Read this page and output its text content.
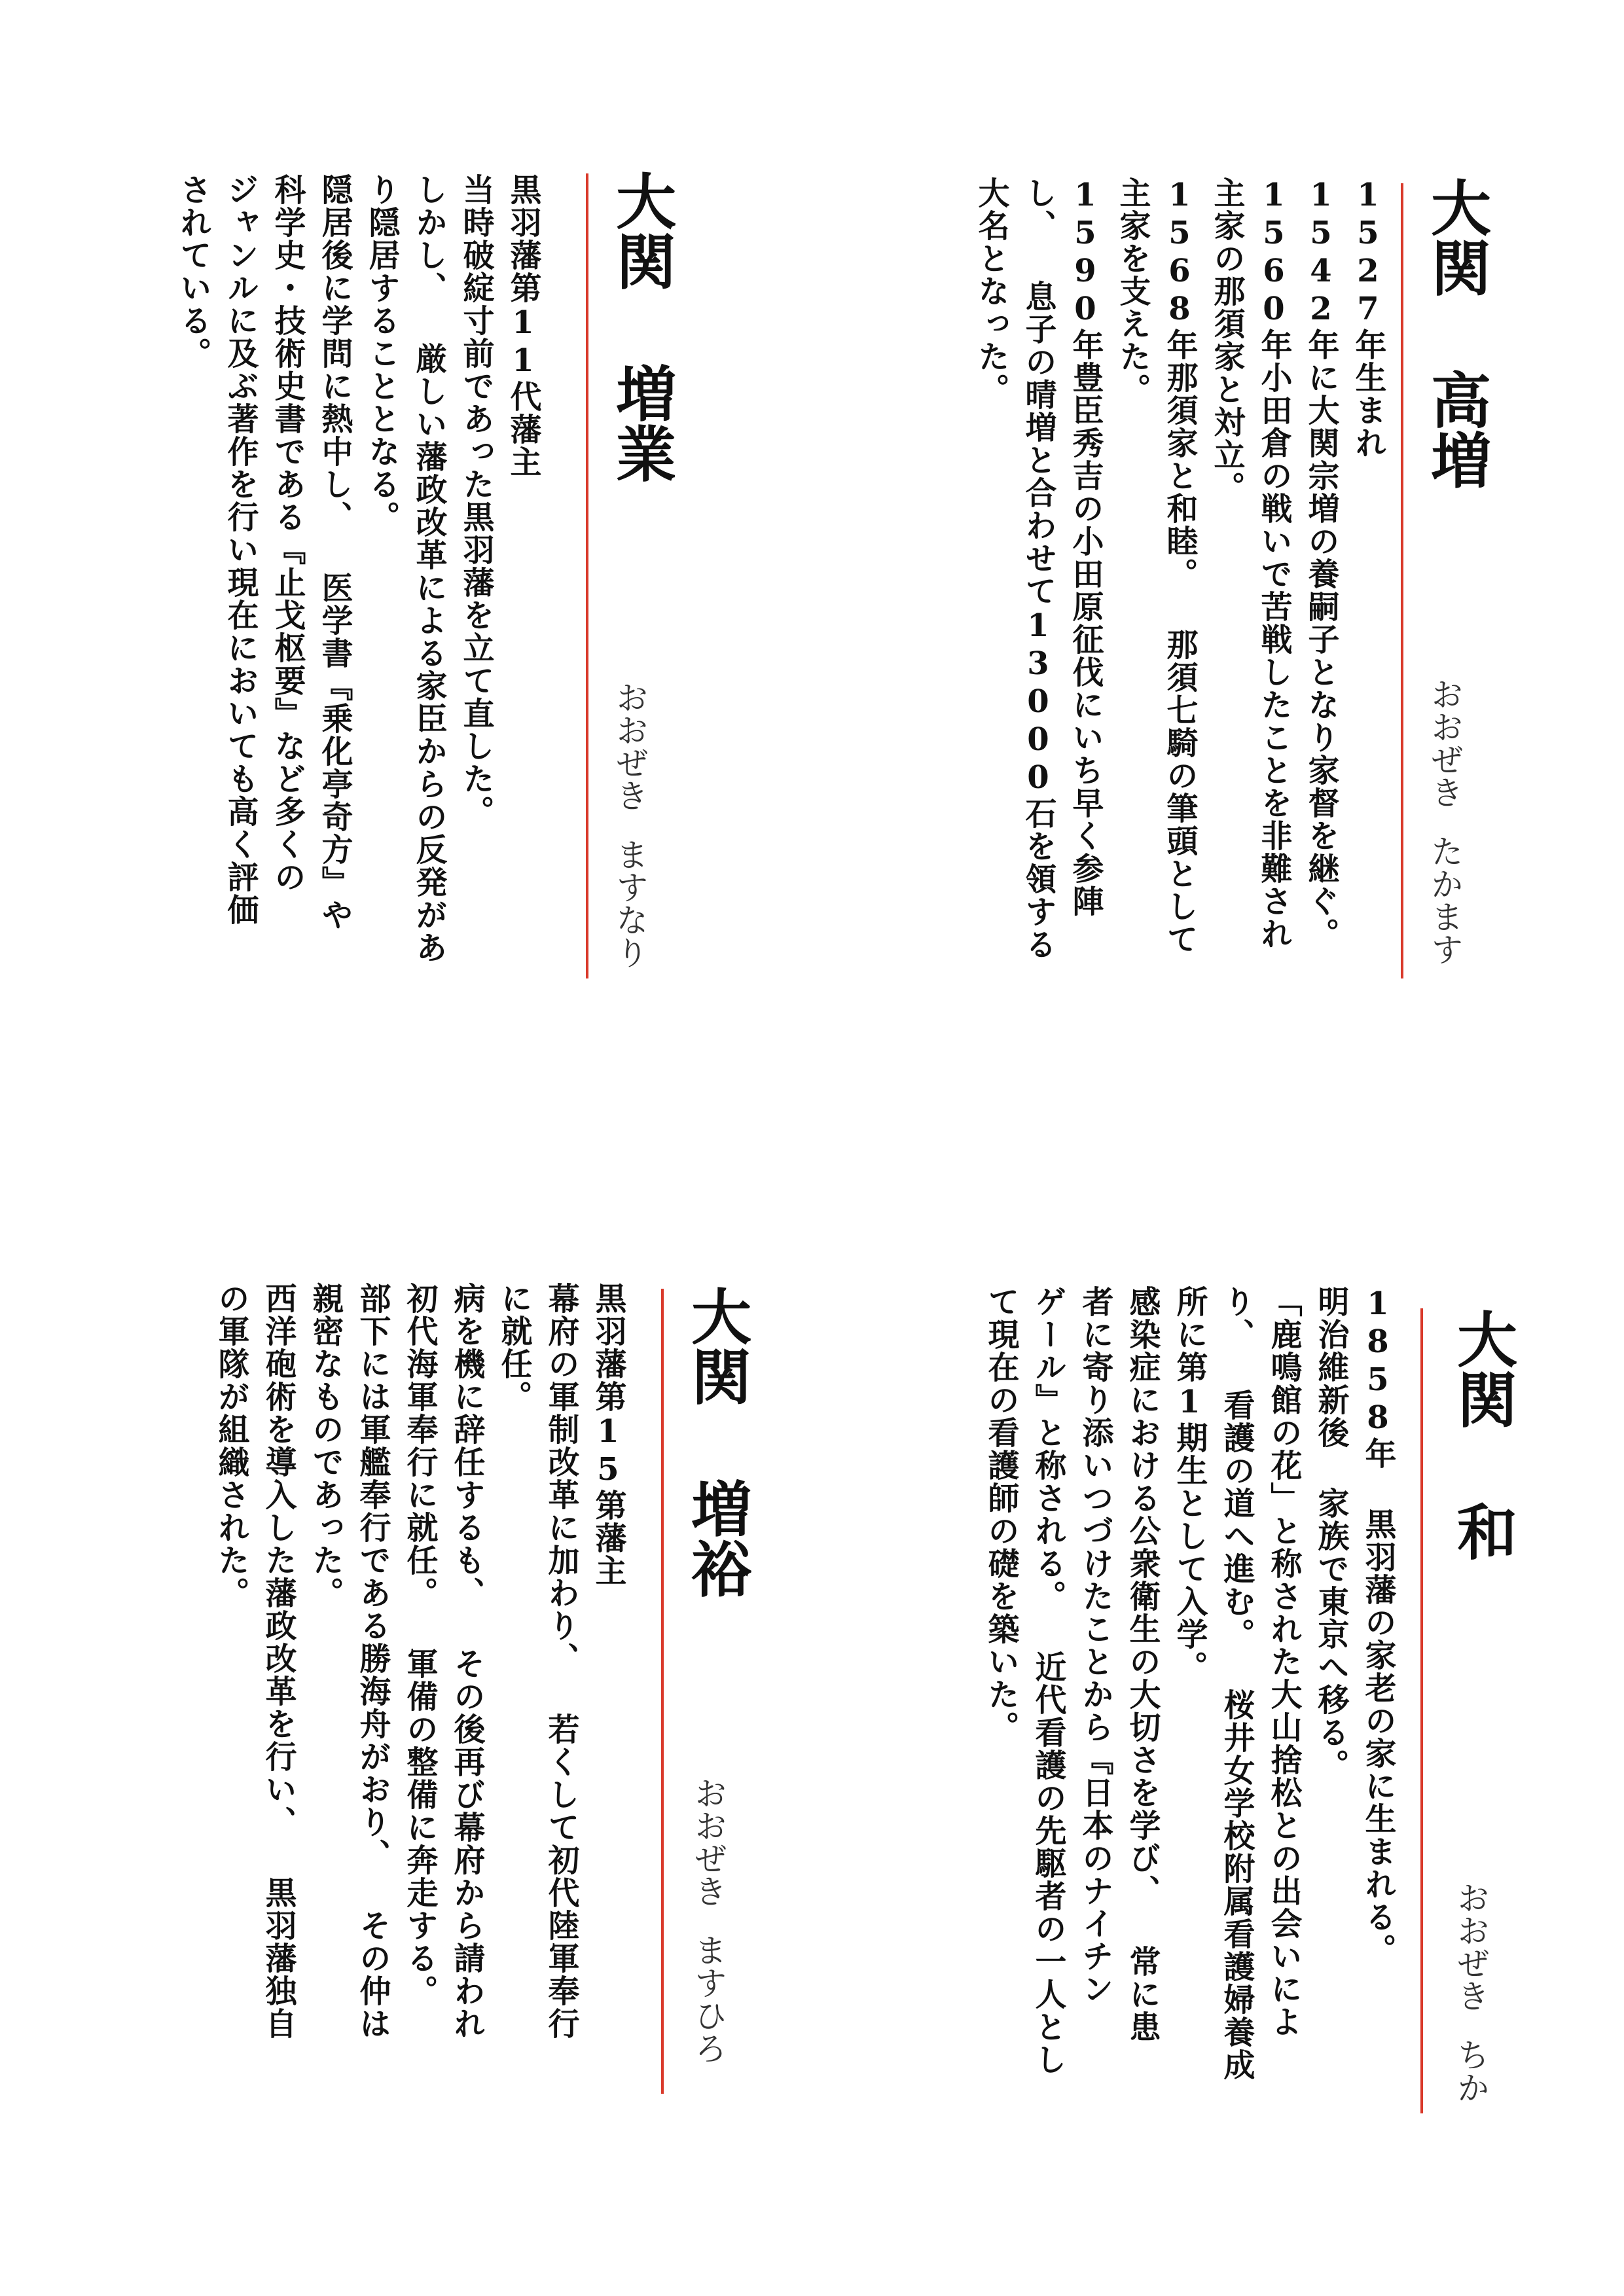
大関高増
おおぜきたかます
1527年生まれ
1542年に大関宗増の養嗣子となり家督を継ぐ。
1560年小田倉の戦いで苦戦したことを非難され
主家の那須家と対立。
1568年那須家と和睦。 那須七騎の筆頭として
主家を支えた。
1590年豊臣秀吉の小田原征伐にいち早く参陣
し、 息子の晴増と合わせて13000石を領する
大名となった。
大関増業
おおぜきますなり
黒羽藩第11代藩主
当時破綻寸前であった黒羽藩を立て直した。
しかし、 厳しい藩政改革による家臣からの反発があ
り隠居することとなる。
隠居後に学問に熱中し、 医学書『乗化亭奇方』や
科学史・技術史書である『止戈枢要』など多くの
ジャンルに及ぶ著作を行い現在においても高く評価
されている。
大関和
おおぜきちか
1858年 黒羽藩の家老の家に生まれる。
明治維新後 家族で東京へ移る。
「鹿鳴館の花」と称された大山捨松との出会いによ
り、 看護の道へ進む。 桜井女学校附属看護婦養成
所に第1期生として入学。
感染症における公衆衛生の大切さを学び、 常に患
者に寄り添いつづけたことから『日本のナイチン
ゲール』と称される。 近代看護の先駆者の一人とし
て現在の看護師の礎を築いた。
大関増裕
おおぜきますひろ
黒羽藩第15第藩主
幕府の軍制改革に加わり、 若くして初代陸軍奉行
に就任。
病を機に辞任するも、 その後再び幕府から請われ
初代海軍奉行に就任。 軍備の整備に奔走する。
部下には軍艦奉行である勝海舟がおり、 その仲は
親密なものであった。
西洋砲術を導入した藩政改革を行い、 黒羽藩独自
の軍隊が組織された。
